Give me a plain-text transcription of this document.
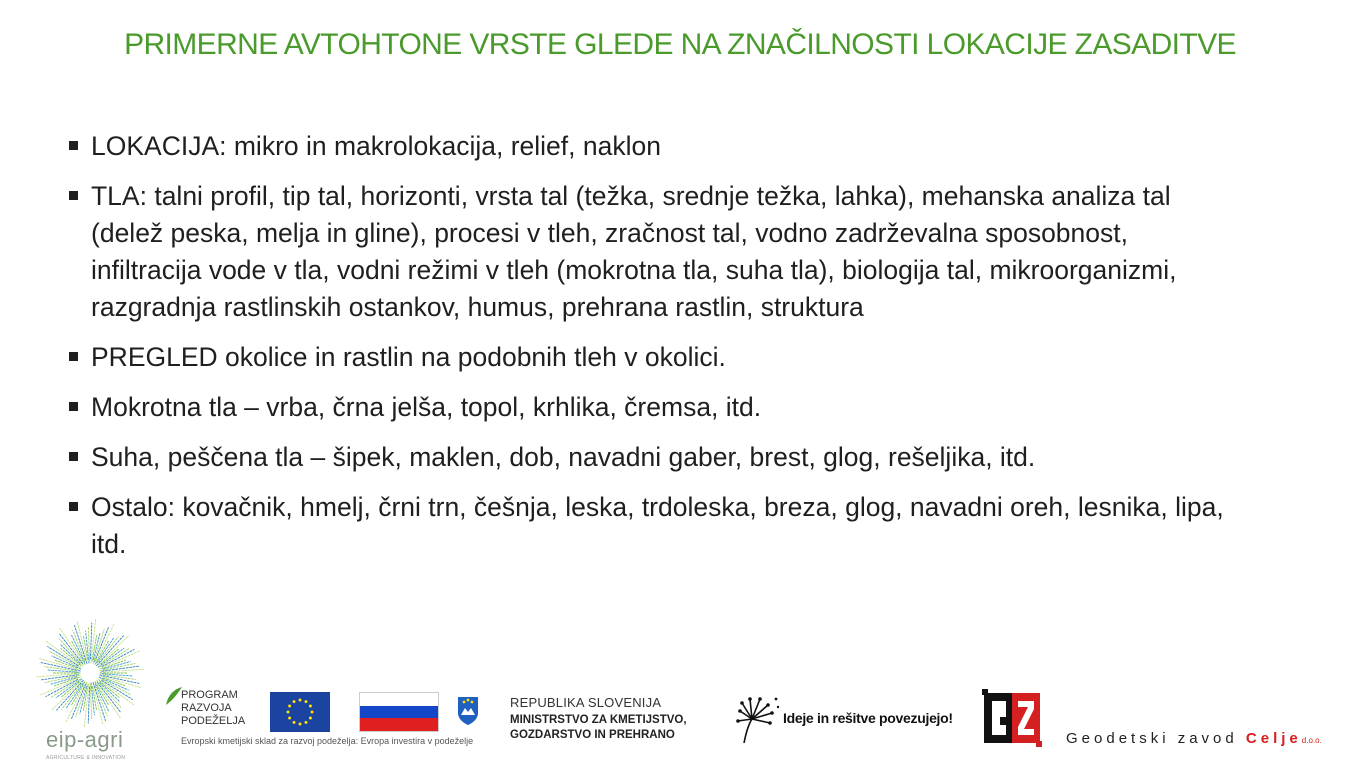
PRIMERNE AVTOHTONE VRSTE GLEDE NA ZNAČILNOSTI LOKACIJE ZASADITVE
LOKACIJA: mikro in makrolokacija, relief, naklon
TLA: talni profil, tip tal, horizonti, vrsta tal (težka, srednje težka, lahka), mehanska analiza tal (delež peska, melja in gline), procesi v tleh, zračnost tal, vodno zadrževalna sposobnost, infiltracija vode v tla, vodni režimi v tleh (mokrotna tla, suha tla), biologija tal, mikroorganizmi, razgradnja rastlinskih ostankov, humus, prehrana rastlin, struktura
PREGLED okolice in rastlin na podobnih tleh v okolici.
Mokrotna tla – vrba, črna jelša, topol, krhlika, čremsa, itd.
Suha, peščena tla – šipek, maklen, dob, navadni gaber, brest, glog, rešeljika, itd.
Ostalo: kovačnik, hmelj, črni trn, češnja, leska, trdoleska, breza, glog, navadni oreh, lesnika, lipa, itd.
eip-agri
AGRICULTURE & INNOVATION
PROGRAM
RAZVOJA
PODEŽELJA
Evropski kmetijski sklad za razvoj podeželja: Evropa investira v podeželje
REPUBLIKA SLOVENIJA
MINISTRSTVO ZA KMETIJSTVO,
GOZDARSTVO IN PREHRANO
Ideje in rešitve povezujejo!
Geodetski zavod Celjed.o.o.
